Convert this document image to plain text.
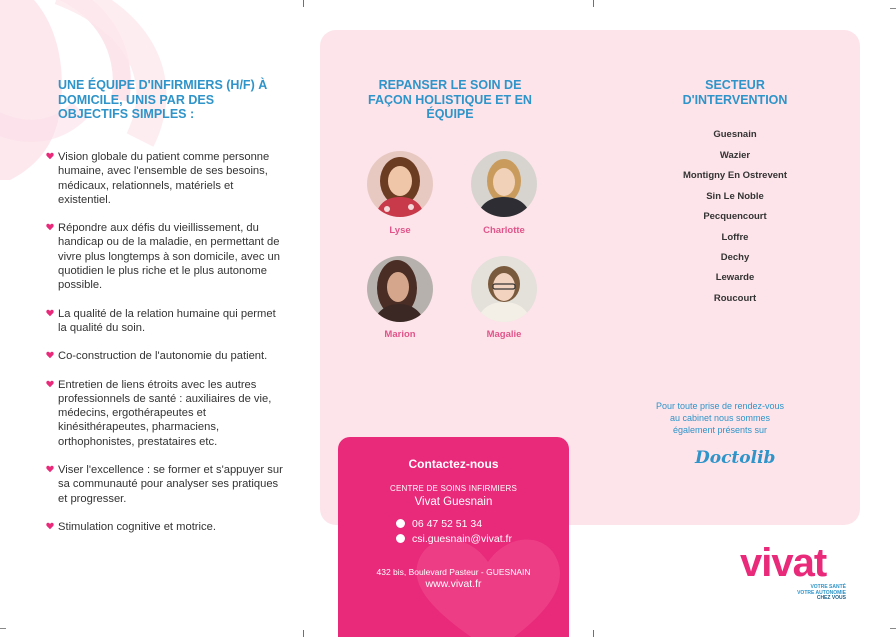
UNE ÉQUIPE D'INFIRMIERS (H/F) À DOMICILE, UNIS PAR DES OBJECTIFS SIMPLES :
Vision globale du patient comme personne humaine, avec l'ensemble de ses besoins, médicaux, relationnels, matériels et existentiel.
Répondre aux défis du vieillissement, du handicap ou de la maladie, en permettant de vivre plus longtemps à son domicile, avec un quotidien le plus riche et le plus autonome possible.
La qualité de la relation humaine qui permet la qualité du soin.
Co-construction de l'autonomie du patient.
Entretien de liens étroits avec les autres professionnels de santé : auxiliaires de vie, médecins, ergothérapeutes et kinésithérapeutes, pharmaciens, orthophonistes, prestataires etc.
Viser l'excellence : se former et s'appuyer sur sa communauté pour analyser ses pratiques et progresser.
Stimulation cognitive et motrice.
REPANSER LE SOIN DE FAÇON HOLISTIQUE ET EN ÉQUIPE
Lyse	Charlotte
Marion	Magalie
SECTEUR D'INTERVENTION
Guesnain
Wazier
Montigny En Ostrevent
Sin Le Noble
Pecquencourt
Loffre
Dechy
Lewarde
Roucourt
Pour toute prise de rendez-vous au cabinet nous sommes également présents sur
Doctolib
Contactez-nous
CENTRE DE SOINS INFIRMIERS
Vivat Guesnain
06 47 52 51 34
csi.guesnain@vivat.fr
432 bis, Boulevard Pasteur - GUESNAIN
www.vivat.fr	vivat
VOTRE SANTÉ
VOTRE AUTONOMIE
CHEZ VOUS
